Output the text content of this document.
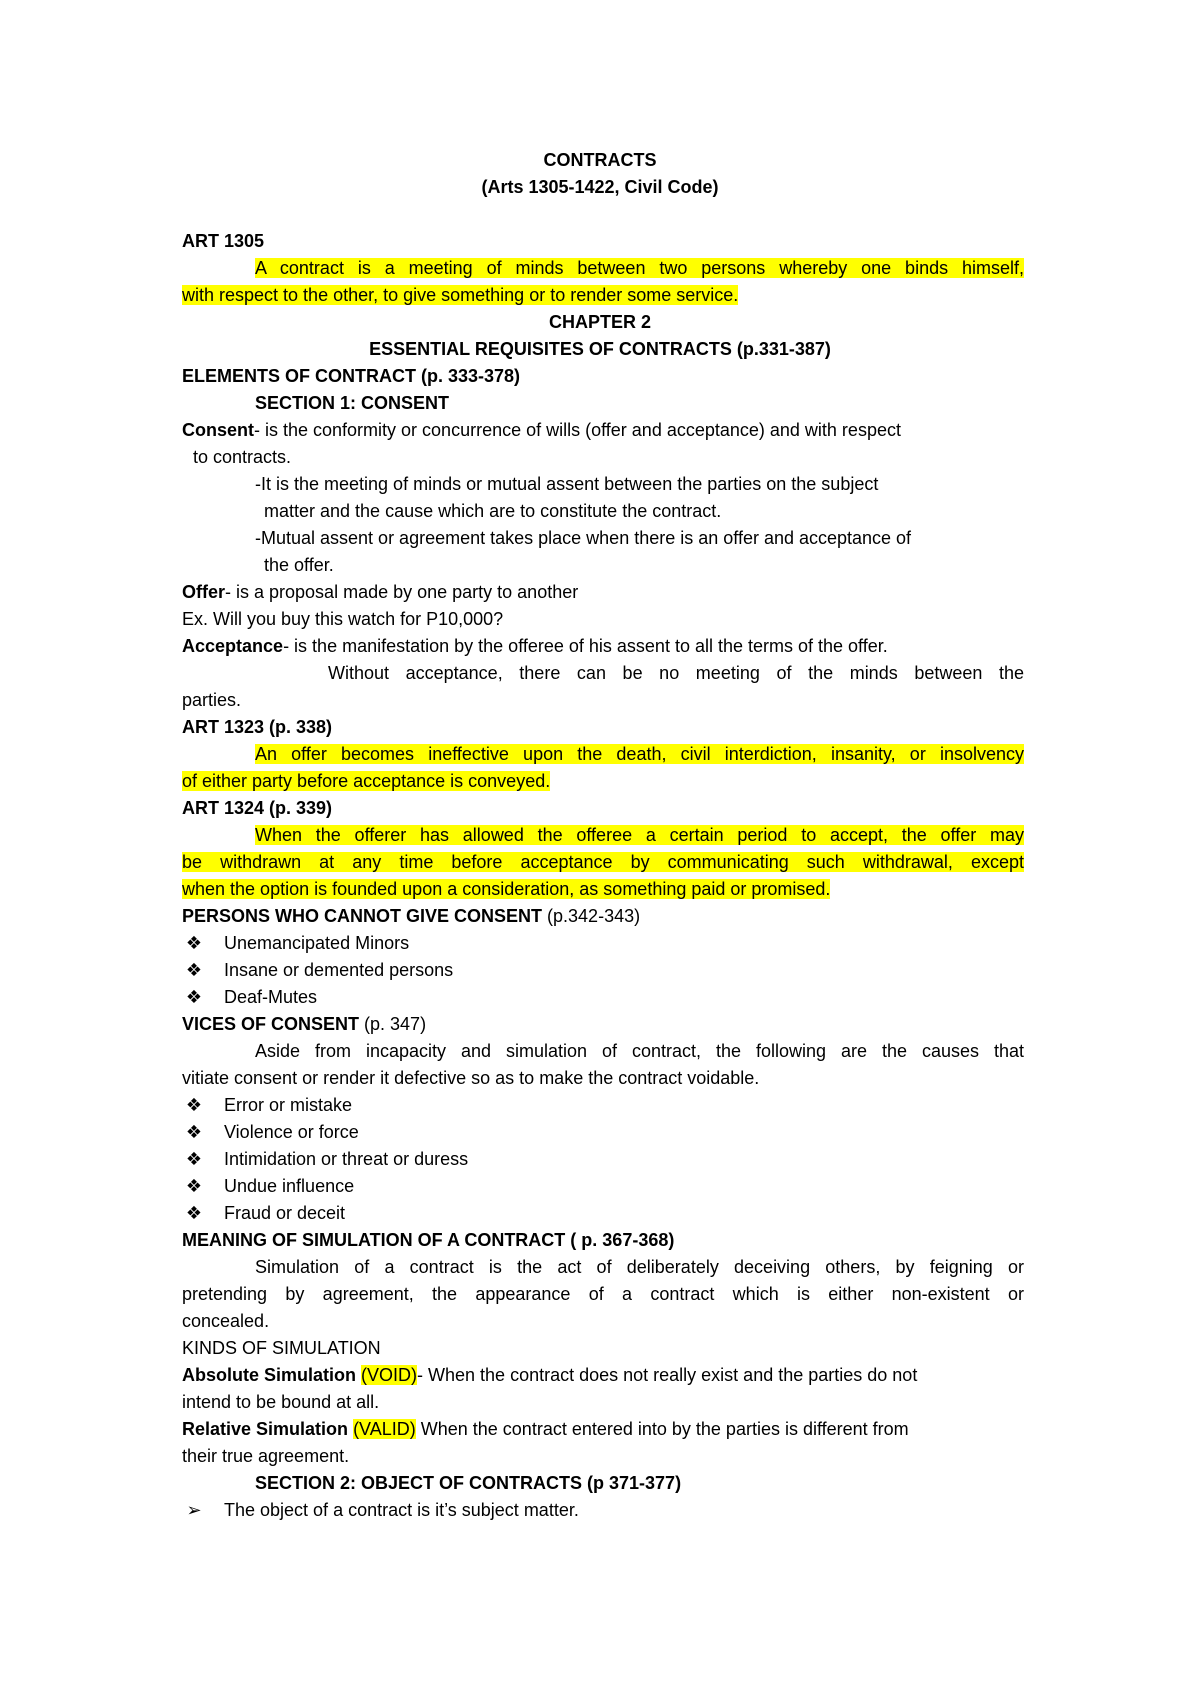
CONTRACTS
(Arts 1305-1422, Civil Code)
ART 1305
A contract is a meeting of minds between two persons whereby one binds himself,
with respect to the other, to give something or to render some service.
CHAPTER 2
ESSENTIAL REQUISITES OF CONTRACTS (p.331-387)
ELEMENTS OF CONTRACT (p. 333-378)
SECTION 1: CONSENT
Consent- is the conformity or concurrence of wills (offer and acceptance) and with respect
to contracts.
-It is the meeting of minds or mutual assent between the parties on the subject
matter and the cause which are to constitute the contract.
-Mutual assent or agreement takes place when there is an offer and acceptance of
the offer.
Offer- is a proposal made by one party to another
Ex. Will you buy this watch for P10,000?
Acceptance- is the manifestation by the offeree of his assent to all the terms of the offer.
Without acceptance, there can be no meeting of the minds between the
parties.
ART 1323 (p. 338)
An offer becomes ineffective upon the death, civil interdiction, insanity, or insolvency
of either party before acceptance is conveyed.
ART 1324 (p. 339)
When the offerer has allowed the offeree a certain period to accept, the offer may
be withdrawn at any time before acceptance by communicating such withdrawal, except
when the option is founded upon a consideration, as something paid or promised.
PERSONS WHO CANNOT GIVE CONSENT (p.342-343)
❖ Unemancipated Minors
❖ Insane or demented persons
❖ Deaf-Mutes
VICES OF CONSENT (p. 347)
Aside from incapacity and simulation of contract, the following are the causes that
vitiate consent or render it defective so as to make the contract voidable.
❖ Error or mistake
❖ Violence or force
❖ Intimidation or threat or duress
❖ Undue influence
❖ Fraud or deceit
MEANING OF SIMULATION OF A CONTRACT ( p. 367-368)
Simulation of a contract is the act of deliberately deceiving others, by feigning or
pretending by agreement, the appearance of a contract which is either non-existent or
concealed.
KINDS OF SIMULATION
Absolute Simulation (VOID)- When the contract does not really exist and the parties do not
intend to be bound at all.
Relative Simulation (VALID) When the contract entered into by the parties is different from
their true agreement.
SECTION 2: OBJECT OF CONTRACTS (p 371-377)
➢ The object of a contract is it’s subject matter.
